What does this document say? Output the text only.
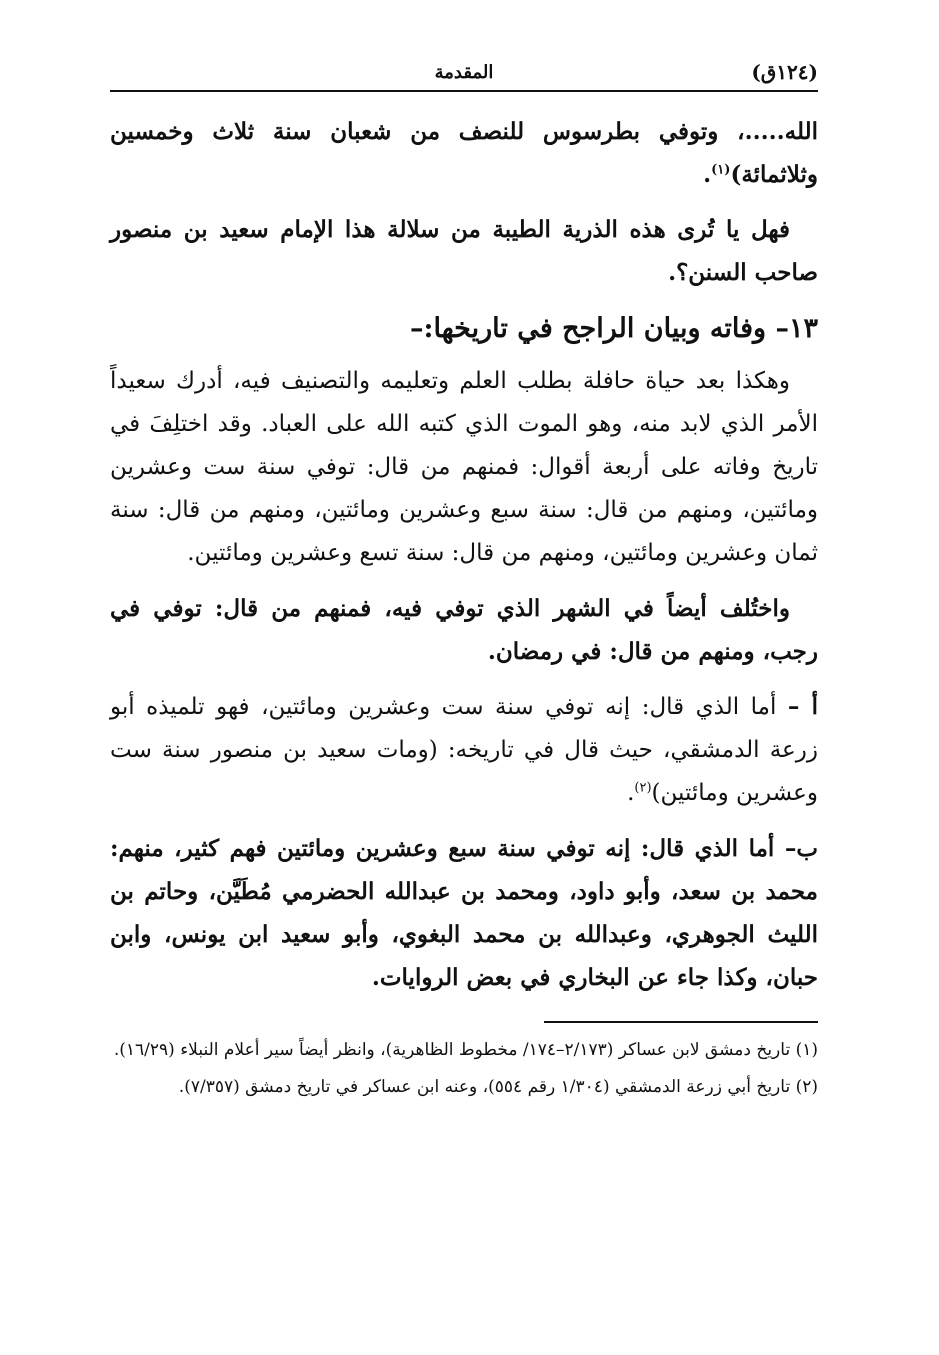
(١٢٤ق)
المقدمة

الله.....، وتوفي بطرسوس للنصف من شعبان سنة ثلاث وخمسين وثلاثمائة)$^{(١)}$.

فهل يا تُرى هذه الذرية الطيبة من سلالة هذا الإمام سعيد بن منصور صاحب السنن؟.

١٣– وفاته وبيان الراجح في تاريخها:–

وهكذا بعد حياة حافلة بطلب العلم وتعليمه والتصنيف فيه، أدرك سعيداً الأمر الذي لابد منه، وهو الموت الذي كتبه الله على العباد. وقد اختلِفَ في تاريخ وفاته على أربعة أقوال: فمنهم من قال: توفي سنة ست وعشرين ومائتين، ومنهم من قال: سنة سبع وعشرين ومائتين، ومنهم من قال: سنة ثمان وعشرين ومائتين، ومنهم من قال: سنة تسع وعشرين ومائتين.

واختُلف أيضاً في الشهر الذي توفي فيه، فمنهم من قال: توفي في رجب، ومنهم من قال: في رمضان.

أ – أما الذي قال: إنه توفي سنة ست وعشرين ومائتين، فهو تلميذه أبو زرعة الدمشقي، حيث قال في تاريخه: (ومات سعيد بن منصور سنة ست وعشرين ومائتين)$^{(٢)}$.

ب– أما الذي قال: إنه توفي سنة سبع وعشرين ومائتين فهم كثير، منهم: محمد بن سعد، وأبو داود، ومحمد بن عبدالله الحضرمي مُطَيَّن، وحاتم بن الليث الجوهري، وعبدالله بن محمد البغوي، وأبو سعيد ابن يونس، وابن حبان، وكذا جاء عن البخاري في بعض الروايات.

(١) تاريخ دمشق لابن عساكر (٢/١٧٣–١٧٤/ مخطوط الظاهرية)، وانظر أيضاً سير أعلام النبلاء (١٦/٢٩).

(٢) تاريخ أبي زرعة الدمشقي (١/٣٠٤ رقم ٥٥٤)، وعنه ابن عساكر في تاريخ دمشق (٧/٣٥٧).
